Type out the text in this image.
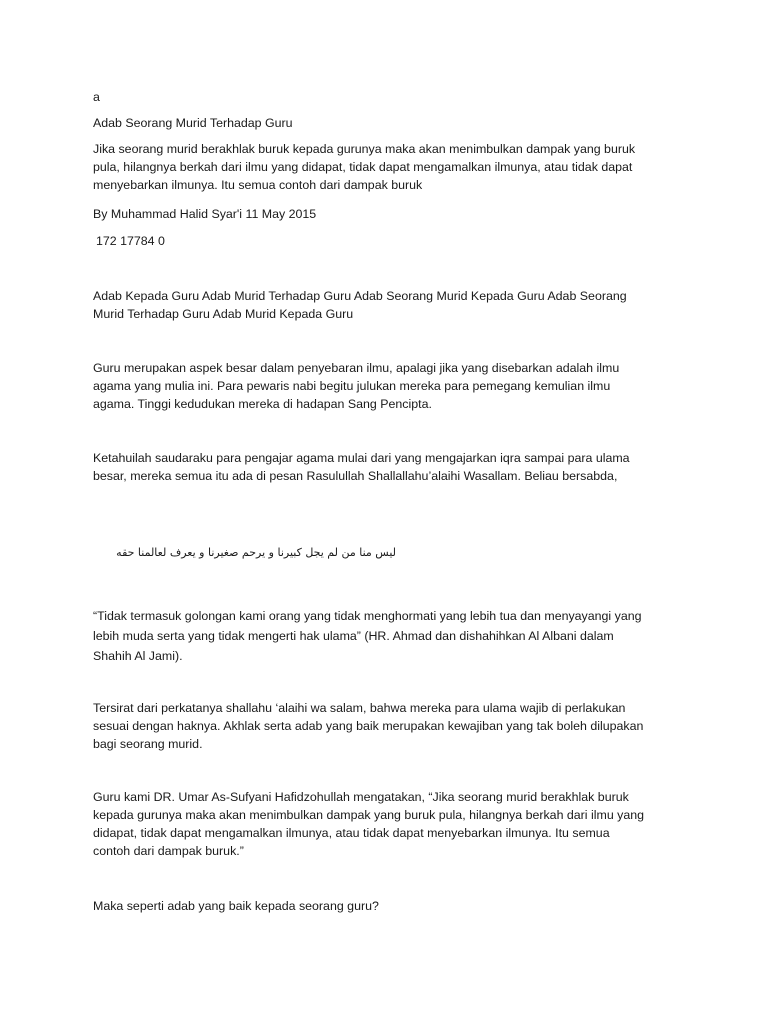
a

Adab Seorang Murid Terhadap Guru

Jika seorang murid berakhlak buruk kepada gurunya maka akan menimbulkan dampak yang buruk
pula, hilangnya berkah dari ilmu yang didapat, tidak dapat mengamalkan ilmunya, atau tidak dapat
menyebarkan ilmunya. Itu semua contoh dari dampak buruk

By Muhammad Halid Syar'i 11 May 2015

172 17784 0

Adab Kepada Guru Adab Murid Terhadap Guru Adab Seorang Murid Kepada Guru Adab Seorang
Murid Terhadap Guru Adab Murid Kepada Guru
Guru merupakan aspek besar dalam penyebaran ilmu, apalagi jika yang disebarkan adalah ilmu
agama yang mulia ini. Para pewaris nabi begitu julukan mereka para pemegang kemulian ilmu
agama. Tinggi kedudukan mereka di hadapan Sang Pencipta.
Ketahuilah saudaraku para pengajar agama mulai dari yang mengajarkan iqra sampai para ulama
besar, mereka semua itu ada di pesan Rasulullah Shallallahu’alaihi Wasallam. Beliau bersabda,
ليس منا من لم يجل كبيرنا و يرحم صغيرنا و يعرف لعالمنا حقه
“Tidak termasuk golongan kami orang yang tidak menghormati yang lebih tua dan menyayangi yang
lebih muda serta yang tidak mengerti hak ulama” (HR. Ahmad dan dishahihkan Al Albani dalam
Shahih Al Jami).
Tersirat dari perkatanya shallahu ‘alaihi wa salam, bahwa mereka para ulama wajib di perlakukan
sesuai dengan haknya. Akhlak serta adab yang baik merupakan kewajiban yang tak boleh dilupakan
bagi seorang murid.
Guru kami DR. Umar As-Sufyani Hafidzohullah mengatakan, “Jika seorang murid berakhlak buruk
kepada gurunya maka akan menimbulkan dampak yang buruk pula, hilangnya berkah dari ilmu yang
didapat, tidak dapat mengamalkan ilmunya, atau tidak dapat menyebarkan ilmunya. Itu semua
contoh dari dampak buruk.”

Maka seperti adab yang baik kepada seorang guru?
